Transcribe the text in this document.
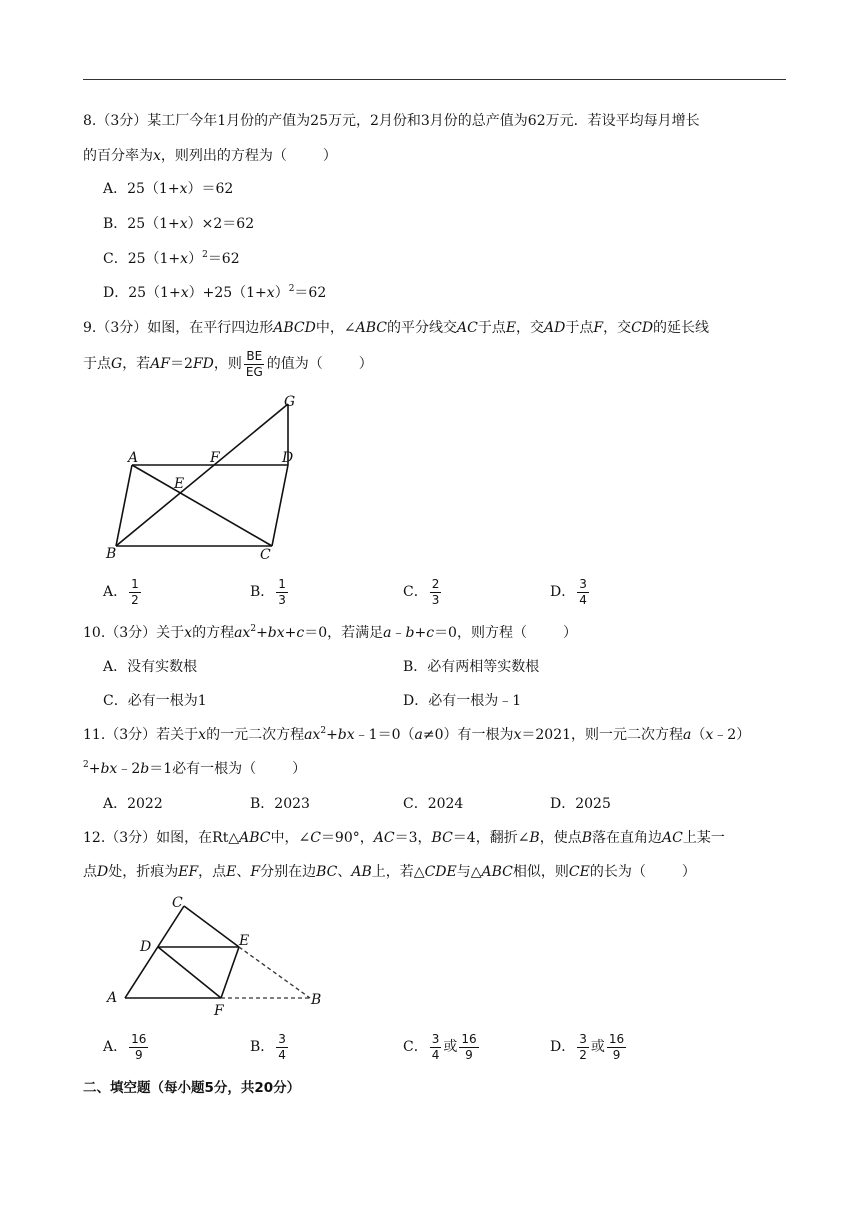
8.（3分）某工厂今年1月份的产值为25万元，2月份和3月份的总产值为62万元．若设平均每月增长
的百分率为x，则列出的方程为（	）
A．25（1+x）＝62
B．25（1+x）×2＝62
C．$25(1+x)^2=62$
D．$25(1+x)+25(1+x)^2=62$
9.（3分）如图，在平行四边形ABCD中，∠ABC的平分线交AC于点E，交AD于点F，交CD的延长线
于点G，若AF＝2FD，则 $\frac{BE}{EG}$ 的值为（	）
A	F	D
E
G
B	C
A． $\frac{1}{2}$	B． $\frac{1}{3}$	C． $\frac{2}{3}$	D． $\frac{3}{4}$
10.（3分）关于x的方程$ax^2+bx+c=0$，若满足a﹣b+c＝0，则方程（	）
A．没有实数根	B．必有两相等实数根
C．必有一根为1	D．必有一根为﹣1
11.（3分）若关于x的一元二次方程$ax^2+bx﹣1=0(a\ne 0)$有一根为x＝2021，则一元二次方程a（x﹣2）
$^2$+bx﹣2b＝1必有一根为（	）
A．2022	B．2023	C．2024	D．2025
12.（3分）如图，在Rt△ABC中，∠C＝90°，AC＝3，BC＝4，翻折∠B，使点B落在直角边AC上某一
点D处，折痕为EF，点E、F分别在边BC、AB上，若△CDE与△ABC相似，则CE的长为（	）
C
D	E
A
F
B
A． $\frac{16}{9}$	B． $\frac{3}{4}$	C． $\frac{3}{4}$ 或 $\frac{16}{9}$	D． $\frac{3}{2}$ 或 $\frac{16}{9}$
二、填空题（每小题5分，共20分）
